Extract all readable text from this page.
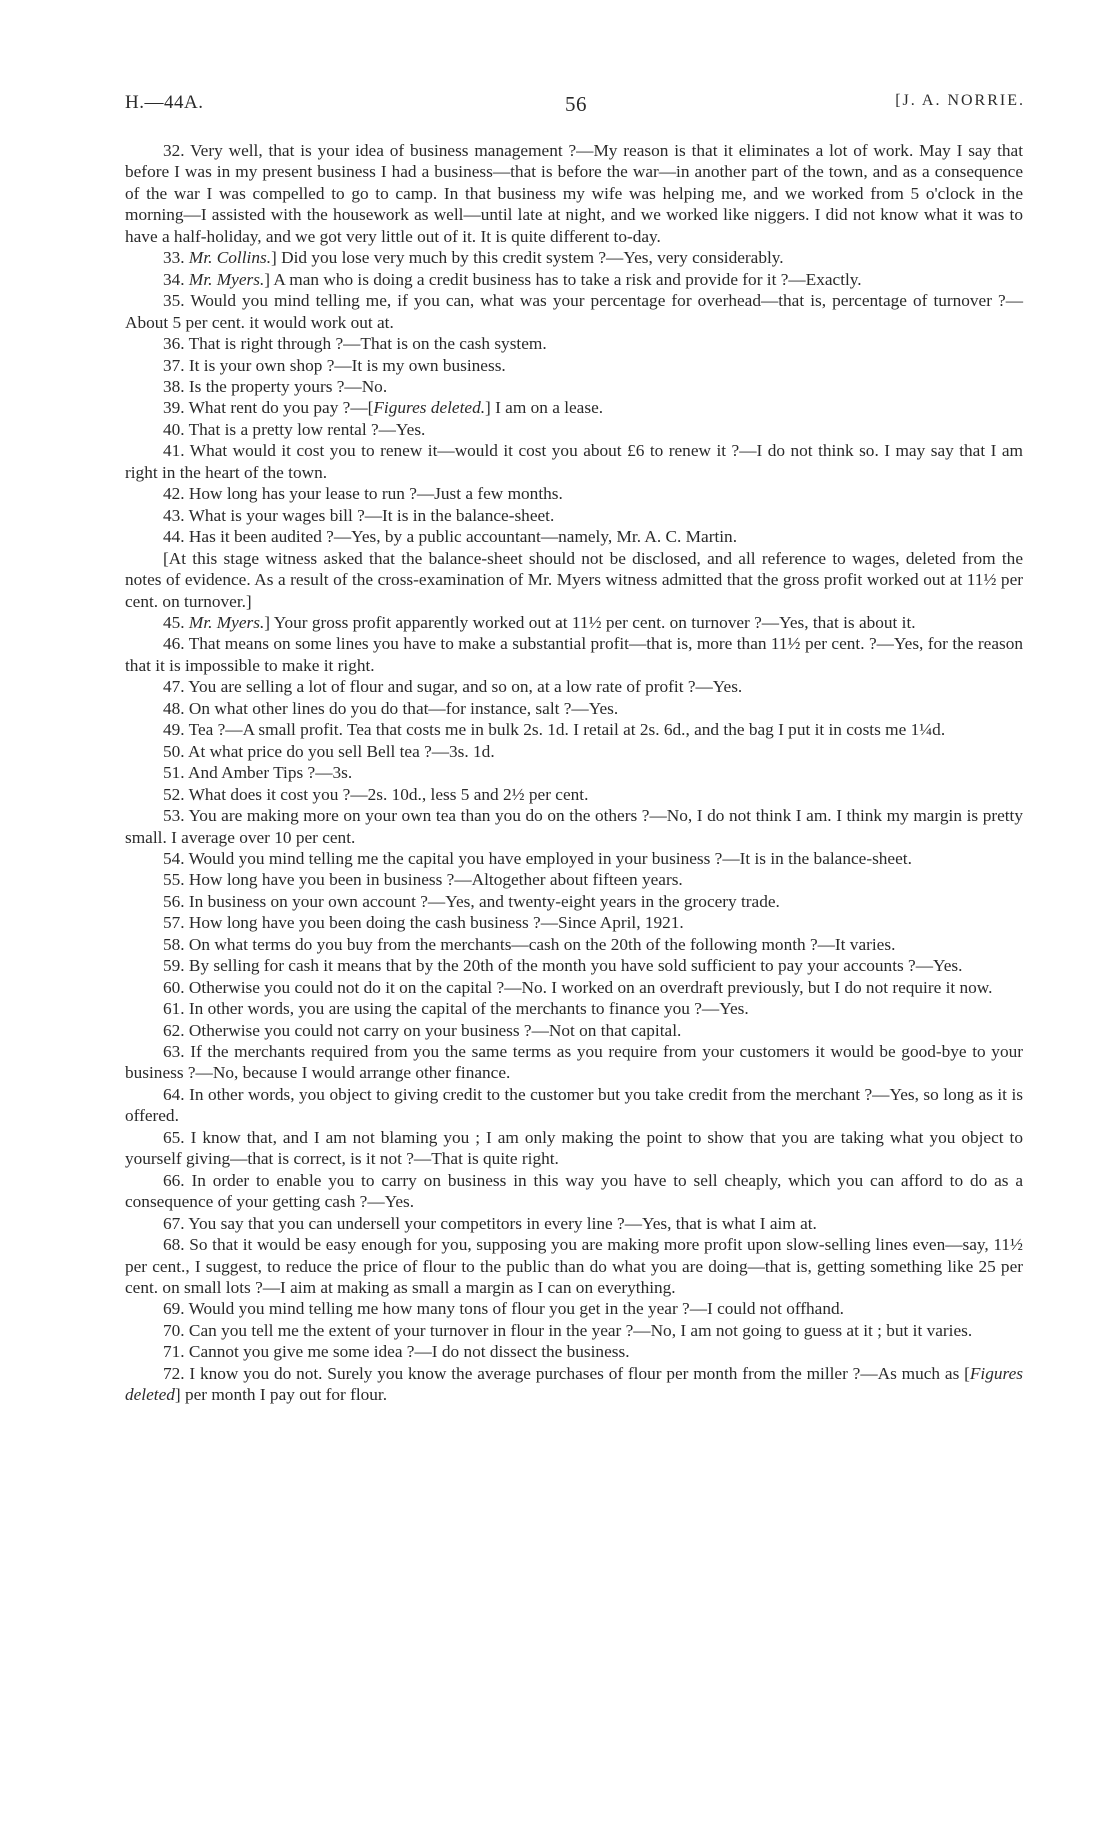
H.—44A.	56	[J. A. NORRIE.

32. Very well, that is your idea of business management ?—My reason is that it eliminates a lot of work. May I say that before I was in my present business I had a business—that is before the war—in another part of the town, and as a consequence of the war I was compelled to go to camp. In that business my wife was helping me, and we worked from 5 o'clock in the morning—I assisted with the housework as well—until late at night, and we worked like niggers. I did not know what it was to have a half-holiday, and we got very little out of it. It is quite different to-day.

33. Mr. Collins.] Did you lose very much by this credit system ?—Yes, very considerably.

34. Mr. Myers.] A man who is doing a credit business has to take a risk and provide for it ?—Exactly.

35. Would you mind telling me, if you can, what was your percentage for overhead—that is, percentage of turnover ?—About 5 per cent. it would work out at.

36. That is right through ?—That is on the cash system.

37. It is your own shop ?—It is my own business.

38. Is the property yours ?—No.

39. What rent do you pay ?—[Figures deleted.] I am on a lease.

40. That is a pretty low rental ?—Yes.

41. What would it cost you to renew it—would it cost you about £6 to renew it ?—I do not think so. I may say that I am right in the heart of the town.

42. How long has your lease to run ?—Just a few months.

43. What is your wages bill ?—It is in the balance-sheet.

44. Has it been audited ?—Yes, by a public accountant—namely, Mr. A. C. Martin.

[At this stage witness asked that the balance-sheet should not be disclosed, and all reference to wages, deleted from the notes of evidence. As a result of the cross-examination of Mr. Myers witness admitted that the gross profit worked out at 11½ per cent. on turnover.]

45. Mr. Myers.] Your gross profit apparently worked out at 11½ per cent. on turnover ?—Yes, that is about it.

46. That means on some lines you have to make a substantial profit—that is, more than 11½ per cent. ?—Yes, for the reason that it is impossible to make it right.

47. You are selling a lot of flour and sugar, and so on, at a low rate of profit ?—Yes.

48. On what other lines do you do that—for instance, salt ?—Yes.

49. Tea ?—A small profit. Tea that costs me in bulk 2s. 1d. I retail at 2s. 6d., and the bag I put it in costs me 1¼d.

50. At what price do you sell Bell tea ?—3s. 1d.

51. And Amber Tips ?—3s.

52. What does it cost you ?—2s. 10d., less 5 and 2½ per cent.

53. You are making more on your own tea than you do on the others ?—No, I do not think I am. I think my margin is pretty small. I average over 10 per cent.

54. Would you mind telling me the capital you have employed in your business ?—It is in the balance-sheet.

55. How long have you been in business ?—Altogether about fifteen years.

56. In business on your own account ?—Yes, and twenty-eight years in the grocery trade.

57. How long have you been doing the cash business ?—Since April, 1921.

58. On what terms do you buy from the merchants—cash on the 20th of the following month ?—It varies.

59. By selling for cash it means that by the 20th of the month you have sold sufficient to pay your accounts ?—Yes.

60. Otherwise you could not do it on the capital ?—No. I worked on an overdraft previously, but I do not require it now.

61. In other words, you are using the capital of the merchants to finance you ?—Yes.

62. Otherwise you could not carry on your business ?—Not on that capital.

63. If the merchants required from you the same terms as you require from your customers it would be good-bye to your business ?—No, because I would arrange other finance.

64. In other words, you object to giving credit to the customer but you take credit from the merchant ?—Yes, so long as it is offered.

65. I know that, and I am not blaming you ; I am only making the point to show that you are taking what you object to yourself giving—that is correct, is it not ?—That is quite right.

66. In order to enable you to carry on business in this way you have to sell cheaply, which you can afford to do as a consequence of your getting cash ?—Yes.

67. You say that you can undersell your competitors in every line ?—Yes, that is what I aim at.

68. So that it would be easy enough for you, supposing you are making more profit upon slow-selling lines even—say, 11½ per cent., I suggest, to reduce the price of flour to the public than do what you are doing—that is, getting something like 25 per cent. on small lots ?—I aim at making as small a margin as I can on everything.

69. Would you mind telling me how many tons of flour you get in the year ?—I could not offhand.

70. Can you tell me the extent of your turnover in flour in the year ?—No, I am not going to guess at it ; but it varies.

71. Cannot you give me some idea ?—I do not dissect the business.

72. I know you do not. Surely you know the average purchases of flour per month from the miller ?—As much as [Figures deleted] per month I pay out for flour.
